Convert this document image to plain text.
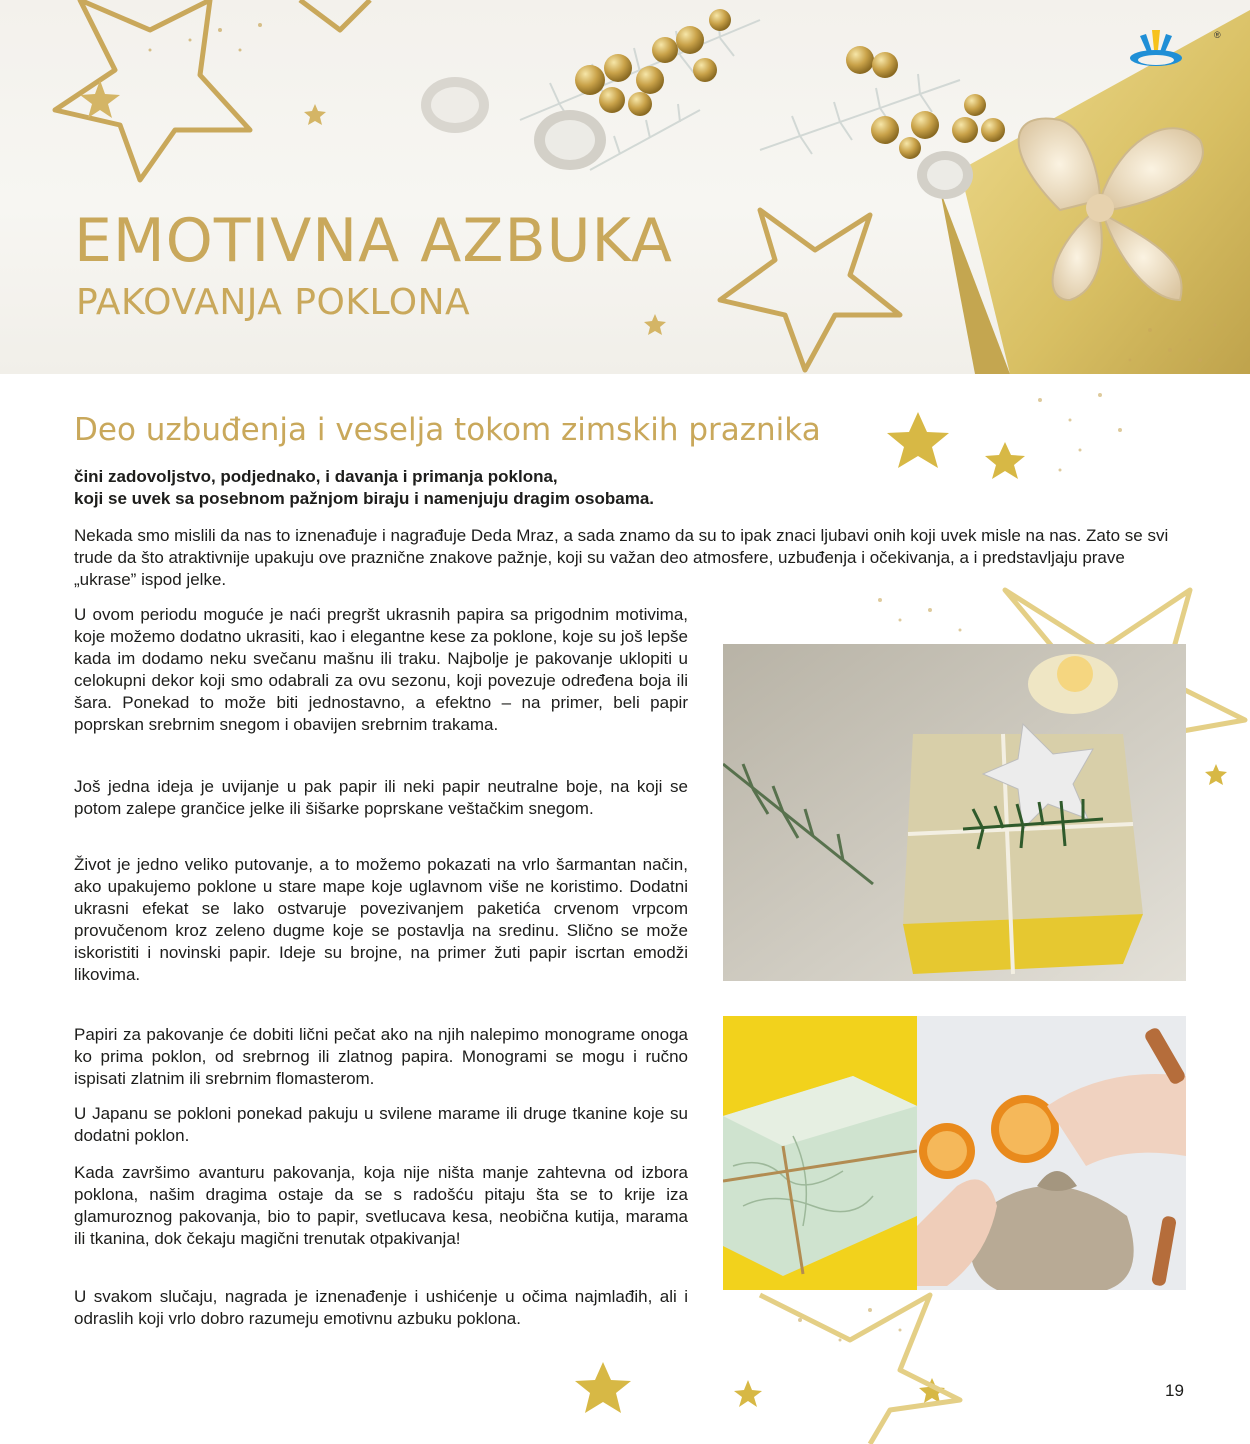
®
EMOTIVNA AZBUKA
PAKOVANJA POKLONA
Deo uzbuđenja i veselja tokom zimskih praznika

čini zadovoljstvo, podjednako, i davanja i primanja poklona,
koji se uvek sa posebnom pažnjom biraju i namenjuju dragim osobama.

Nekada smo mislili da nas to iznenađuje i nagrađuje Deda Mraz, a sada znamo da su to ipak znaci ljubavi onih koji uvek misle na nas. Zato se svi trude da što atraktivnije upakuju ove praznične znakove pažnje, koji su važan deo atmosfere, uzbuđenja i očekivanja, a i predstavljaju prave „ukrase” ispod jelke.

U ovom periodu moguće je naći pregršt ukrasnih papira sa prigodnim motivima, koje možemo dodatno ukrasiti, kao i elegantne kese za poklone, koje su još lepše kada im dodamo neku svečanu mašnu ili traku. Najbolje je pakovanje uklopiti u celokupni dekor koji smo odabrali za ovu sezonu, koji povezuje određena boja ili šara. Ponekad to može biti jednostavno, a efektno – na primer, beli papir poprskan srebrnim snegom i obavijen srebrnim trakama.

Još jedna ideja je uvijanje u pak papir ili neki papir neutralne boje, na koji se potom zalepe grančice jelke ili šišarke poprskane veštačkim snegom.

Život je jedno veliko putovanje, a to možemo pokazati na vrlo šarmantan način, ako upakujemo poklone u stare mape koje uglavnom više ne koristimo. Dodatni ukrasni efekat se lako ostvaruje povezivanjem paketića crvenom vrpcom provučenom kroz zeleno dugme koje se postavlja na sredinu. Slično se može iskoristiti i novinski papir. Ideje su brojne, na primer žuti papir iscrtan emodži likovima.

Papiri za pakovanje će dobiti lični pečat ako na njih nalepimo monograme onoga ko prima poklon, od srebrnog ili zlatnog papira. Monogrami se mogu i ručno ispisati zlatnim ili srebrnim flomasterom.

U Japanu se pokloni ponekad pakuju u svilene marame ili druge tkanine koje su dodatni poklon.

Kada završimo avanturu pakovanja, koja nije ništa manje zahtevna od izbora poklona, našim dragima ostaje da se s radošću pitaju šta se to krije iza glamuroznog pakovanja, bio to papir, svetlucava kesa, neobična kutija, marama ili tkanina, dok čekaju magični trenutak otpakivanja!

U svakom slučaju, nagrada je iznenađenje i ushićenje u očima najmlađih, ali i odraslih koji vrlo dobro razumeju emotivnu azbuku poklona.

19
